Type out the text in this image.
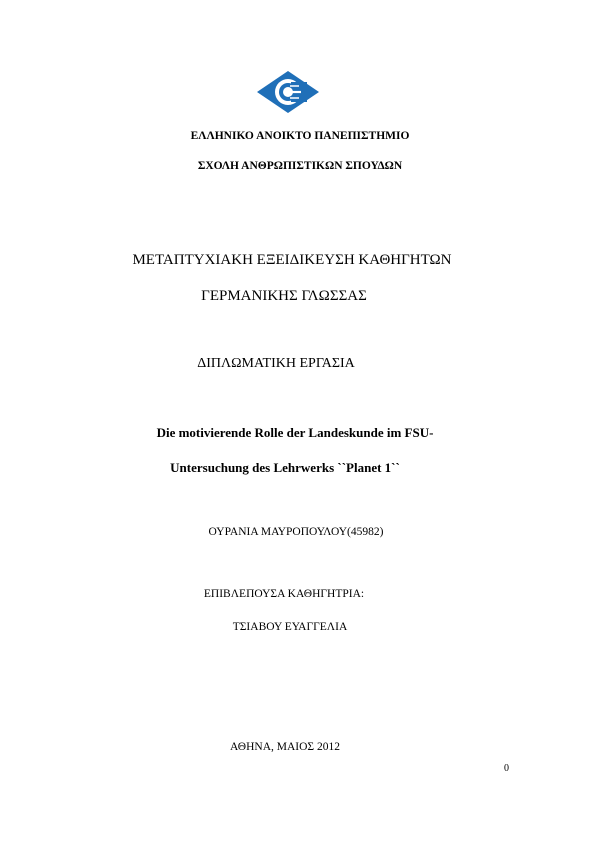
ΕΛΛΗΝΙΚΟ ΑΝΟΙΚΤΟ ΠΑΝΕΠΙΣΤΗΜΙΟ
ΣΧΟΛΗ ΑΝΘΡΩΠΙΣΤΙΚΩΝ ΣΠΟΥΔΩΝ
ΜΕΤΑΠΤΥΧΙΑΚΗ ΕΞΕΙΔΙΚΕΥΣΗ ΚΑΘΗΓΗΤΩΝ
ΓΕΡΜΑΝΙΚΗΣ ΓΛΩΣΣΑΣ
ΔΙΠΛΩΜΑΤΙΚΗ ΕΡΓΑΣΙΑ
Die motivierende Rolle der Landeskunde im FSU-
Untersuchung des Lehrwerks ``Planet 1``
ΟΥΡΑΝΙΑ ΜΑΥΡΟΠΟΥΛΟΥ(45982)
ΕΠΙΒΛΕΠΟΥΣΑ ΚΑΘΗΓΗΤΡΙΑ:
ΤΣΙΑΒΟΥ ΕΥΑΓΓΕΛΙΑ
ΑΘΗΝΑ, ΜΑΙΟΣ 2012
0
